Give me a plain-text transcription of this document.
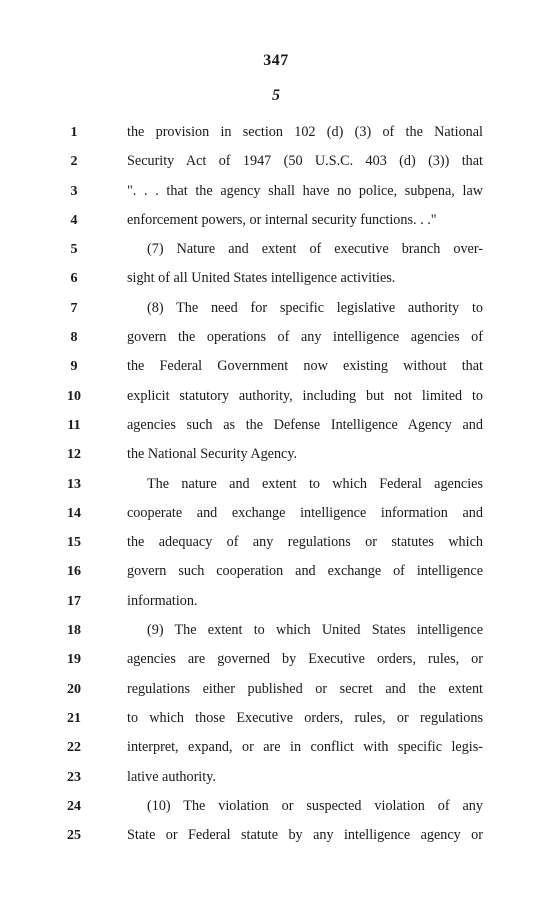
347
5
1
2
3
4
5
6
7
8
9
10
11
12
13
14
15
16
17
18
19
20
21
22
23
24
25
the provision in section 102 (d) (3) of the National
Security Act of 1947 (50 U.S.C. 403 (d) (3)) that
". . . that the agency shall have no police, subpena, law
enforcement powers, or internal security functions. . ."
(7) Nature and extent of executive branch over-
sight of all United States intelligence activities.
(8) The need for specific legislative authority to
govern the operations of any intelligence agencies of
the Federal Government now existing without that
explicit statutory authority, including but not limited to
agencies such as the Defense Intelligence Agency and
the National Security Agency.
The nature and extent to which Federal agencies
cooperate and exchange intelligence information and
the adequacy of any regulations or statutes which
govern such cooperation and exchange of intelligence
information.
(9) The extent to which United States intelligence
agencies are governed by Executive orders, rules, or
regulations either published or secret and the extent
to which those Executive orders, rules, or regulations
interpret, expand, or are in conflict with specific legis-
lative authority.
(10) The violation or suspected violation of any
State or Federal statute by any intelligence agency or
